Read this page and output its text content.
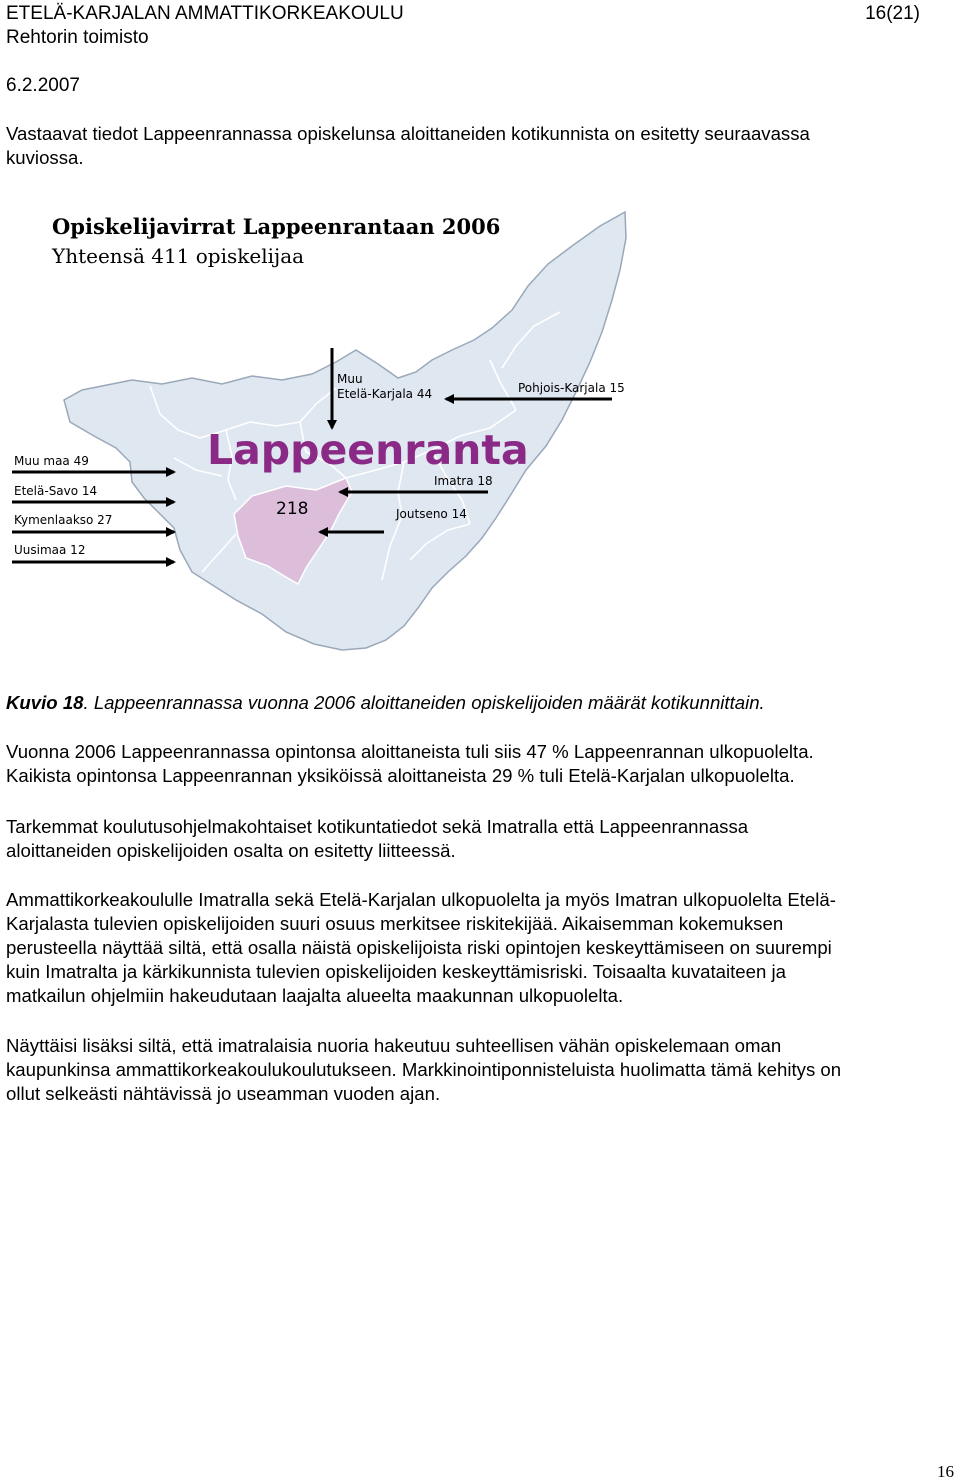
ETELÄ-KARJALAN AMMATTIKORKEAKOULU	16(21)
Rehtorin toimisto
6.2.2007

Vastaavat tiedot Lappeenrannassa opiskelunsa aloittaneiden kotikunnista on esitetty seuraavassa
kuviossa.

Opiskelijavirrat Lappeenrantaan 2006
Yhteensä 411 opiskelijaa
Lappeenranta
218
Muu
Etelä-Karjala 44	Pohjois-Karjala 15
Muu maa 49
Etelä-Savo 14
Kymenlaakso 27
Uusimaa 12
Imatra 18
Joutseno 14
Kuvio 18. Lappeenrannassa vuonna 2006 aloittaneiden opiskelijoiden määrät kotikunnittain.

Vuonna 2006 Lappeenrannassa opintonsa aloittaneista tuli siis 47 % Lappeenrannan ulkopuolelta.
Kaikista opintonsa Lappeenrannan yksiköissä aloittaneista 29 % tuli Etelä-Karjalan ulkopuolelta.

Tarkemmat koulutusohjelmakohtaiset kotikuntatiedot sekä Imatralla että Lappeenrannassa
aloittaneiden opiskelijoiden osalta on esitetty liitteessä.

Ammattikorkeakoululle Imatralla sekä Etelä-Karjalan ulkopuolelta ja myös Imatran ulkopuolelta Etelä-
Karjalasta tulevien opiskelijoiden suuri osuus merkitsee riskitekijää. Aikaisemman kokemuksen
perusteella näyttää siltä, että osalla näistä opiskelijoista riski opintojen keskeyttämiseen on suurempi
kuin Imatralta ja kärkikunnista tulevien opiskelijoiden keskeyttämisriski. Toisaalta kuvataiteen ja
matkailun ohjelmiin hakeudutaan laajalta alueelta maakunnan ulkopuolelta.

Näyttäisi lisäksi siltä, että imatralaisia nuoria hakeutuu suhteellisen vähän opiskelemaan oman
kaupunkinsa ammattikorkeakoulukoulutukseen. Markkinointiponnisteluista huolimatta tämä kehitys on
ollut selkeästi nähtävissä jo useamman vuoden ajan.

16
